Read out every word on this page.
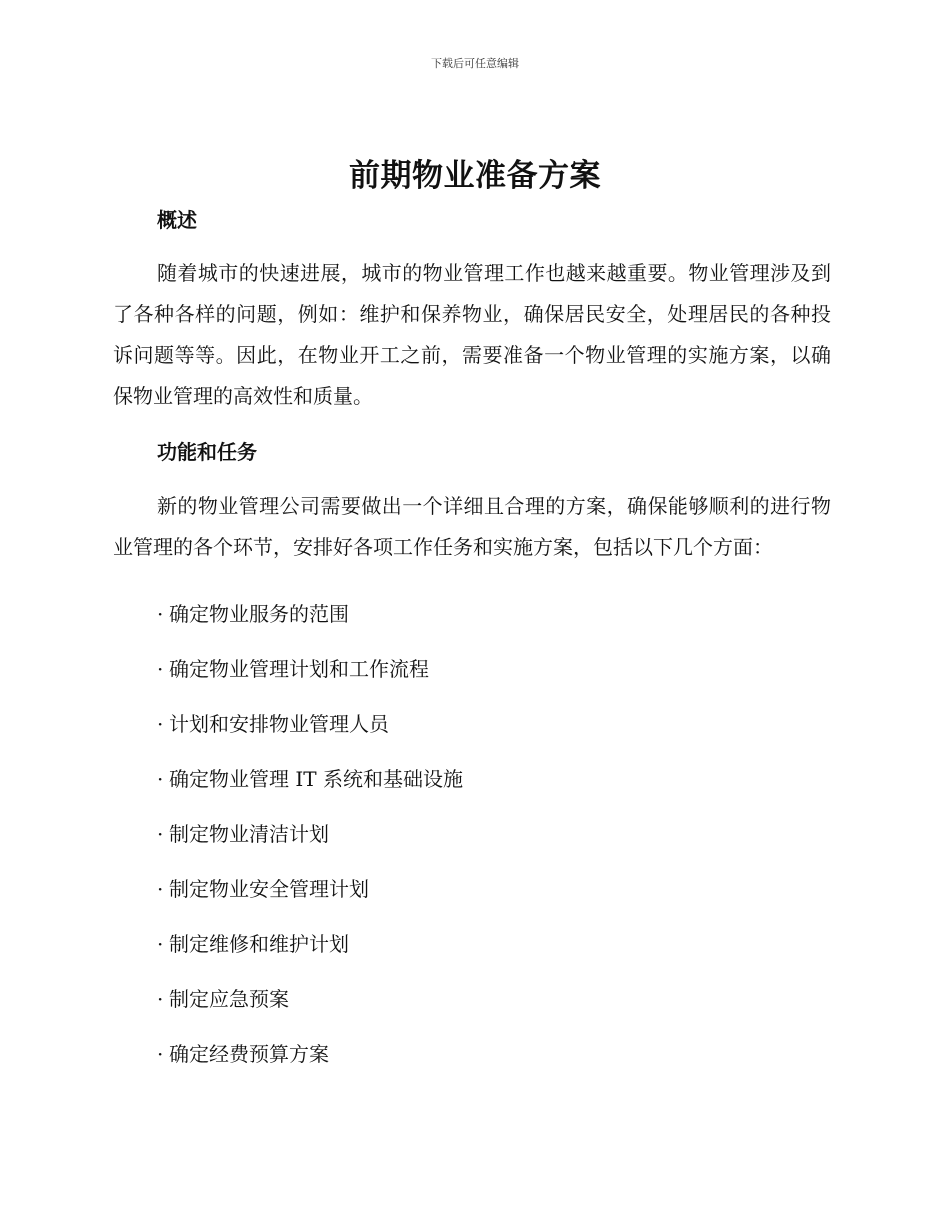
下载后可任意编辑
前期物业准备方案
概述

随着城市的快速进展，城市的物业管理工作也越来越重要。物业管理涉及到了各种各样的问题，例如：维护和保养物业，确保居民安全，处理居民的各种投诉问题等等。因此，在物业开工之前，需要准备一个物业管理的实施方案，以确保物业管理的高效性和质量。

功能和任务

新的物业管理公司需要做出一个详细且合理的方案，确保能够顺利的进行物业管理的各个环节，安排好各项工作任务和实施方案，包括以下几个方面：

· 确定物业服务的范围
· 确定物业管理计划和工作流程
· 计划和安排物业管理人员
· 确定物业管理 IT 系统和基础设施
· 制定物业清洁计划
· 制定物业安全管理计划
· 制定维修和维护计划
· 制定应急预案
· 确定经费预算方案
